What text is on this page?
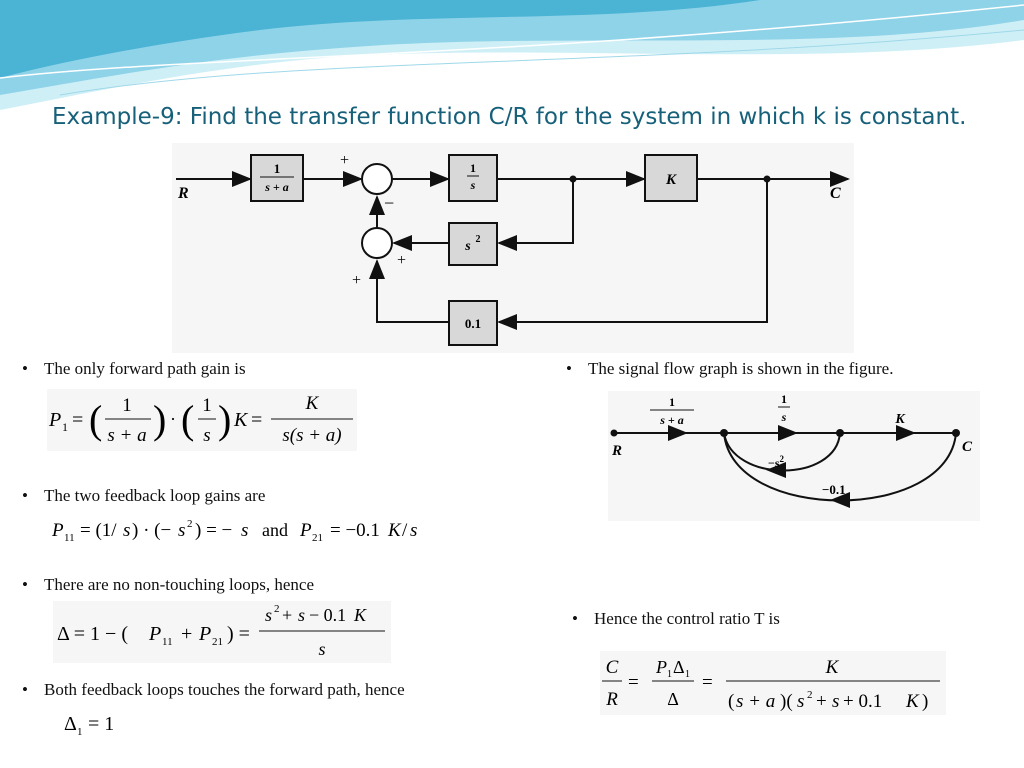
Example-9: Find the transfer function C/R for the system in which k is constant.
R
1
s + a
+
−
1
s	K
C
s 2
+
+
0.1
• The only forward path gain is
P 1 = ( 1
s + a ) · ( 1
s ) K =
K
s(s + a)
• The two feedback loop gains are
P 11 = (1/ s ) · (− s 2 ) = − s and P 21 = −0.1 K / s
• There are no non-touching loops, hence
Δ = 1 − ( P 11 + P 21 ) =
s 2 + s − 0.1 K
s
• Both feedback loops touches the forward path, hence
Δ 1 = 1
• The signal flow graph is shown in the figure.
R	C
1
s + a
1
s	K
$-s^2$
−0.1
• Hence the control ratio T is
C
R
=
P 1 Δ 1
Δ
=
K
( s + a )( s 2 + s + 0.1 K )
